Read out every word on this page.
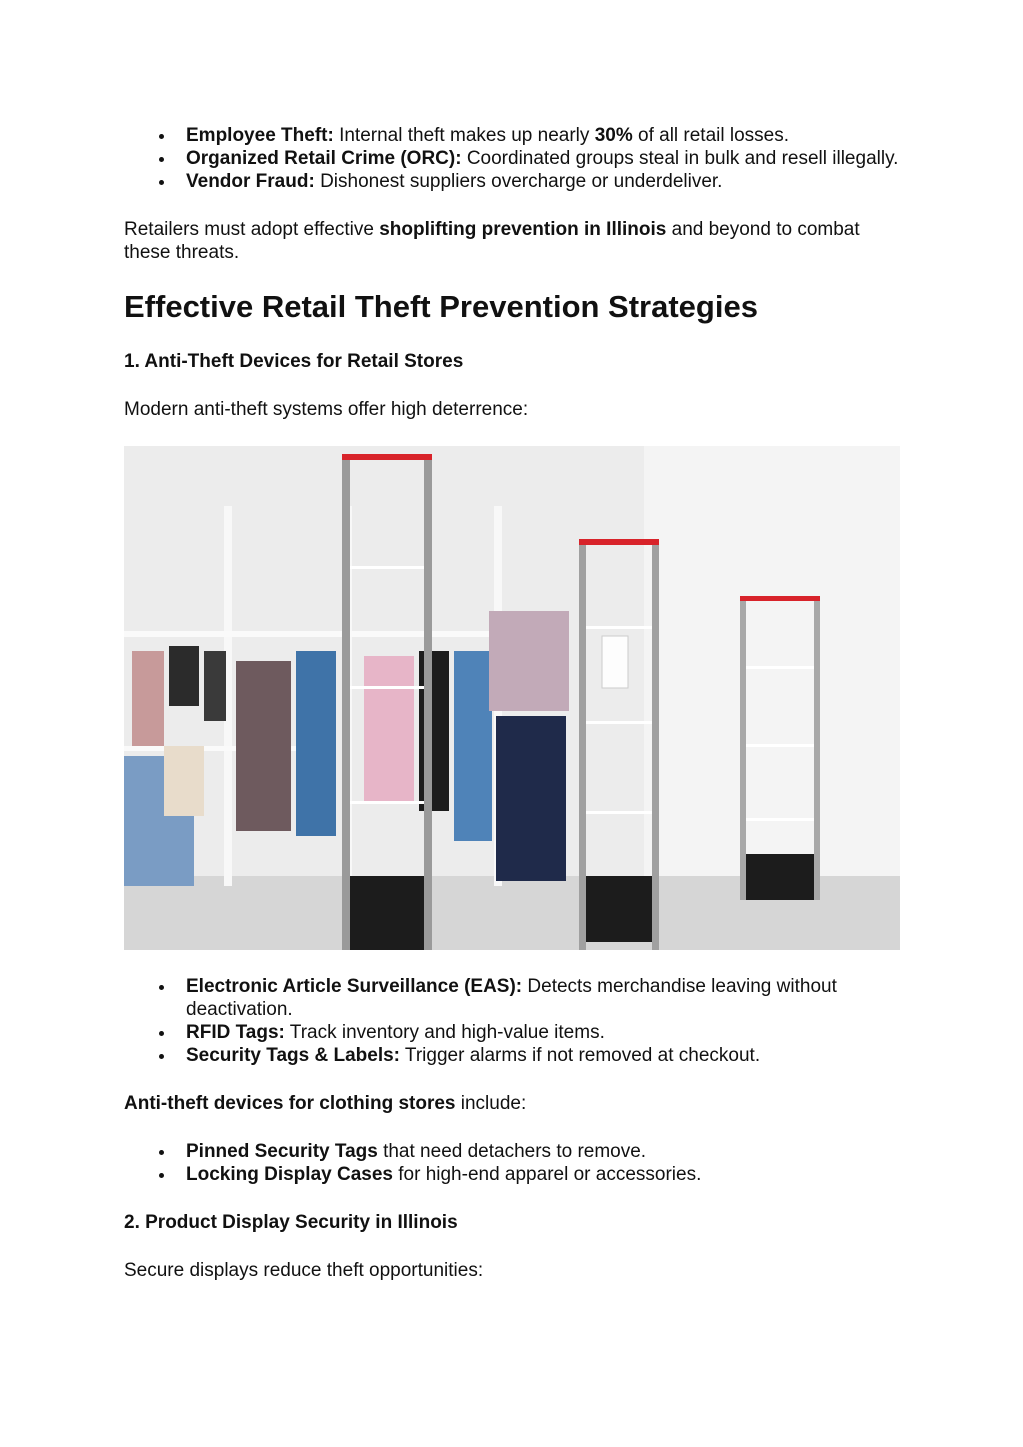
Employee Theft: Internal theft makes up nearly 30% of all retail losses.
Organized Retail Crime (ORC): Coordinated groups steal in bulk and resell illegally.
Vendor Fraud: Dishonest suppliers overcharge or underdeliver.

Retailers must adopt effective shoplifting prevention in Illinois and beyond to combat these threats.

Effective Retail Theft Prevention Strategies
1. Anti-Theft Devices for Retail Stores

Modern anti-theft systems offer high deterrence:

Electronic Article Surveillance (EAS): Detects merchandise leaving without deactivation.
RFID Tags: Track inventory and high-value items.
Security Tags & Labels: Trigger alarms if not removed at checkout.

Anti-theft devices for clothing stores include:

Pinned Security Tags that need detachers to remove.
Locking Display Cases for high-end apparel or accessories.
2. Product Display Security in Illinois

Secure displays reduce theft opportunities:
